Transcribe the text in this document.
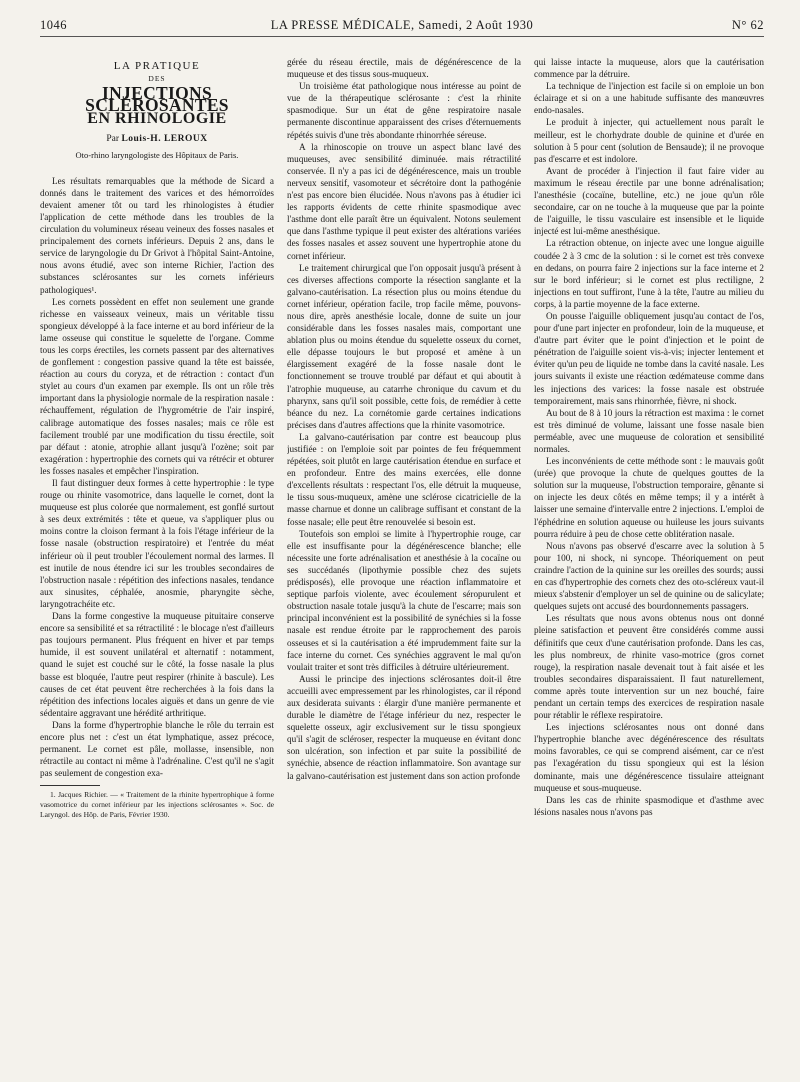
1046	LA PRESSE MÉDICALE, Samedi, 2 Août 1930	N° 62
LA PRATIQUE
DES
INJECTIONS SCLÉROSANTES
EN RHINOLOGIE
Par Louis-H. LEROUX
Oto-rhino laryngologiste des Hôpitaux de Paris.

Les résultats remarquables que la méthode de Sicard a donnés dans le traitement des varices et des hémorroïdes devaient amener tôt ou tard les rhinologistes à étudier l'application de cette méthode dans les troubles de la circulation du volumineux réseau veineux des fosses nasales et principalement des cornets inférieurs. Depuis 2 ans, dans le service de laryngologie du Dr Grivot à l'hôpital Saint-Antoine, nous avons étudié, avec son interne Richier, l'action des substances sclérosantes sur les cornets inférieurs pathologiques¹.

Les cornets possèdent en effet non seulement une grande richesse en vaisseaux veineux, mais un véritable tissu spongieux développé à la face interne et au bord inférieur de la lame osseuse qui constitue le squelette de l'organe. Comme tous les corps érectiles, les cornets passent par des alternatives de gonflement : congestion passive quand la tête est baissée, réaction au cours du coryza, et de rétraction : contact d'un stylet au cours d'un examen par exemple. Ils ont un rôle très important dans la physiologie normale de la respiration nasale : réchauffement, régulation de l'hygrométrie de l'air inspiré, calibrage automatique des fosses nasales; mais ce rôle est facilement troublé par une modification du tissu érectile, soit par défaut : atonie, atrophie allant jusqu'à l'ozène; soit par exagération : hypertrophie des cornets qui va rétrécir et obturer les fosses nasales et empêcher l'inspiration.

Il faut distinguer deux formes à cette hypertrophie : le type rouge ou rhinite vasomotrice, dans laquelle le cornet, dont la muqueuse est plus colorée que normalement, est gonflé surtout à ses deux extrémités : tête et queue, va s'appliquer plus ou moins contre la cloison fermant à la fois l'étage inférieur de la fosse nasale (obstruction respiratoire) et l'entrée du méat inférieur où il peut troubler l'écoulement normal des larmes. Il est inutile de nous étendre ici sur les troubles secondaires de l'obstruction nasale : répétition des infections nasales, tendance aux sinusites, céphalée, anosmie, pharyngite sèche, laryngotrachéite etc.

Dans la forme congestive la muqueuse pituitaire conserve encore sa sensibilité et sa rétractilité : le blocage n'est d'ailleurs pas toujours permanent. Plus fréquent en hiver et par temps humide, il est souvent unilatéral et alternatif : notamment, quand le sujet est couché sur le côté, la fosse nasale la plus basse est bloquée, l'autre peut respirer (rhinite à bascule). Les causes de cet état peuvent être recherchées à la fois dans la répétition des infections locales aiguës et dans un genre de vie sédentaire aggravant une hérédité arthritique.

Dans la forme d'hypertrophie blanche le rôle du terrain est encore plus net : c'est un état lymphatique, assez précoce, permanent. Le cornet est pâle, mollasse, insensible, non rétractile au contact ni même à l'adrénaline. C'est qu'il ne s'agit pas seulement de congestion exa-

1. Jacques Richier. — « Traitement de la rhinite hypertrophique à forme vasomotrice du cornet inférieur par les injections sclérosantes ». Soc. de Laryngol. des Hôp. de Paris, Février 1930.

gérée du réseau érectile, mais de dégénérescence de la muqueuse et des tissus sous-muqueux.

Un troisième état pathologique nous intéresse au point de vue de la thérapeutique sclérosante : c'est la rhinite spasmodique. Sur un état de gêne respiratoire nasale permanente discontinue apparaissent des crises d'éternuements répétés suivis d'une très abondante rhinorrhée séreuse.

A la rhinoscopie on trouve un aspect blanc lavé des muqueuses, avec sensibilité diminuée. mais rétractilité conservée. Il n'y a pas ici de dégénérescence, mais un trouble nerveux sensitif, vasomoteur et sécrétoire dont la pathogénie n'est pas encore bien élucidée. Nous n'avons pas à étudier ici les rapports évidents de cette rhinite spasmodique avec l'asthme dont elle paraît être un équivalent. Notons seulement que dans l'asthme typique il peut exister des altérations variées des fosses nasales et assez souvent une hypertrophie atone du cornet inférieur.

Le traitement chirurgical que l'on opposait jusqu'à présent à ces diverses affections comporte la résection sanglante et la galvano-cautérisation. La résection plus ou moins étendue du cornet inférieur, opération facile, trop facile même, pouvons-nous dire, après anesthésie locale, donne de suite un jour considérable dans les fosses nasales mais, comportant une ablation plus ou moins étendue du squelette osseux du cornet, elle dépasse toujours le but proposé et amène à un élargissement exagéré de la fosse nasale dont le fonctionnement se trouve troublé par défaut et qui aboutit à l'atrophie muqueuse, au catarrhe chronique du cavum et du pharynx, sans qu'il soit possible, cette fois, de remédier à cette béance du nez. La cornétomie garde certaines indications précises dans d'autres affections que la rhinite vasomotrice.

La galvano-cautérisation par contre est beaucoup plus justifiée : on l'emploie soit par pointes de feu fréquemment répétées, soit plutôt en large cautérisation étendue en surface et en profondeur. Entre des mains exercées, elle donne d'excellents résultats : respectant l'os, elle détruit la muqueuse, le tissu sous-muqueux, amène une sclérose cicatricielle de la masse charnue et donne un calibrage suffisant et constant de la fosse nasale; elle peut être renouvelée si besoin est.

Toutefois son emploi se limite à l'hypertrophie rouge, car elle est insuffisante pour la dégénérescence blanche; elle nécessite une forte adrénalisation et anesthésie à la cocaïne ou ses succédanés (lipothymie possible chez des sujets prédisposés), elle provoque une réaction inflammatoire et septique parfois violente, avec écoulement séropurulent et obstruction nasale totale jusqu'à la chute de l'escarre; mais son principal inconvénient est la possibilité de synéchies si la fosse nasale est rendue étroite par le rapprochement des parois osseuses et si la cautérisation a été imprudemment faite sur la face interne du cornet. Ces synéchies aggravent le mal qu'on voulait traiter et sont très difficiles à détruire ultérieurement.

Aussi le principe des injections sclérosantes doit-il être accueilli avec empressement par les rhinologistes, car il répond aux desiderata suivants : élargir d'une manière permanente et durable le diamètre de l'étage inférieur du nez, respecter le squelette osseux, agir exclusivement sur le tissu spongieux qu'il s'agit de scléroser, respecter la muqueuse en évitant donc son ulcération, son infection et par suite la possibilité de synéchie, absence de réaction inflammatoire. Son avantage sur la galvano-cautérisation est justement dans son action profonde

qui laisse intacte la muqueuse, alors que la cautérisation commence par la détruire.

La technique de l'injection est facile si on emploie un bon éclairage et si on a une habitude suffisante des manœuvres endo-nasales.

Le produit à injecter, qui actuellement nous paraît le meilleur, est le chorhydrate double de quinine et d'urée en solution à 5 pour cent (solution de Bensaude); il ne provoque pas d'escarre et est indolore.

Avant de procéder à l'injection il faut faire vider au maximum le réseau érectile par une bonne adrénalisation; l'anesthésie (cocaïne, butelline, etc.) ne joue qu'un rôle secondaire, car on ne touche à la muqueuse que par la pointe de l'aiguille, le tissu vasculaire est insensible et le liquide injecté est lui-même anesthésique.

La rétraction obtenue, on injecte avec une longue aiguille coudée 2 à 3 cmc de la solution : si le cornet est très convexe en dedans, on pourra faire 2 injections sur la face interne et 2 sur le bord inférieur; si le cornet est plus rectiligne, 2 injections en tout suffiront, l'une à la tête, l'autre au milieu du corps, à la partie moyenne de la face externe.

On pousse l'aiguille obliquement jusqu'au contact de l'os, pour d'une part injecter en profondeur, loin de la muqueuse, et d'autre part éviter que le point d'injection et le point de pénétration de l'aiguille soient vis-à-vis; injecter lentement et éviter qu'un peu de liquide ne tombe dans la cavité nasale. Les jours suivants il existe une réaction œdémateuse comme dans les injections des varices: la fosse nasale est obstruée temporairement, mais sans rhinorrhée, fièvre, ni shock.

Au bout de 8 à 10 jours la rétraction est maxima : le cornet est très diminué de volume, laissant une fosse nasale bien perméable, avec une muqueuse de coloration et sensibilité normales.

Les inconvénients de cette méthode sont : le mauvais goût (urée) que provoque la chute de quelques gouttes de la solution sur la muqueuse, l'obstruction temporaire, gênante si on injecte les deux côtés en même temps; il y a intérêt à laisser une semaine d'intervalle entre 2 injections. L'emploi de l'éphédrine en solution aqueuse ou huileuse les jours suivants pourra réduire à peu de chose cette oblitération nasale.

Nous n'avons pas observé d'escarre avec la solution à 5 pour 100, ni shock, ni syncope. Théoriquement on peut craindre l'action de la quinine sur les oreilles des sourds; aussi en cas d'hypertrophie des cornets chez des oto-scléreux vaut-il mieux s'abstenir d'employer un sel de quinine ou de salicylate; quelques sujets ont accusé des bourdonnements passagers.

Les résultats que nous avons obtenus nous ont donné pleine satisfaction et peuvent être considérés comme aussi définitifs que ceux d'une cautérisation profonde. Dans les cas, les plus nombreux, de rhinite vaso-motrice (gros cornet rouge), la respiration nasale devenait tout à fait aisée et les troubles secondaires disparaissaient. Il faut naturellement, comme après toute intervention sur un nez bouché, faire pendant un certain temps des exercices de respiration nasale pour rétablir le réflexe respiratoire.

Les injections sclérosantes nous ont donné dans l'hypertrophie blanche avec dégénérescence des résultats moins favorables, ce qui se comprend aisément, car ce n'est pas l'exagération du tissu spongieux qui est la lésion dominante, mais une dégénérescence tissulaire atteignant muqueuse et sous-muqueuse.

Dans les cas de rhinite spasmodique et d'asthme avec lésions nasales nous n'avons pas
